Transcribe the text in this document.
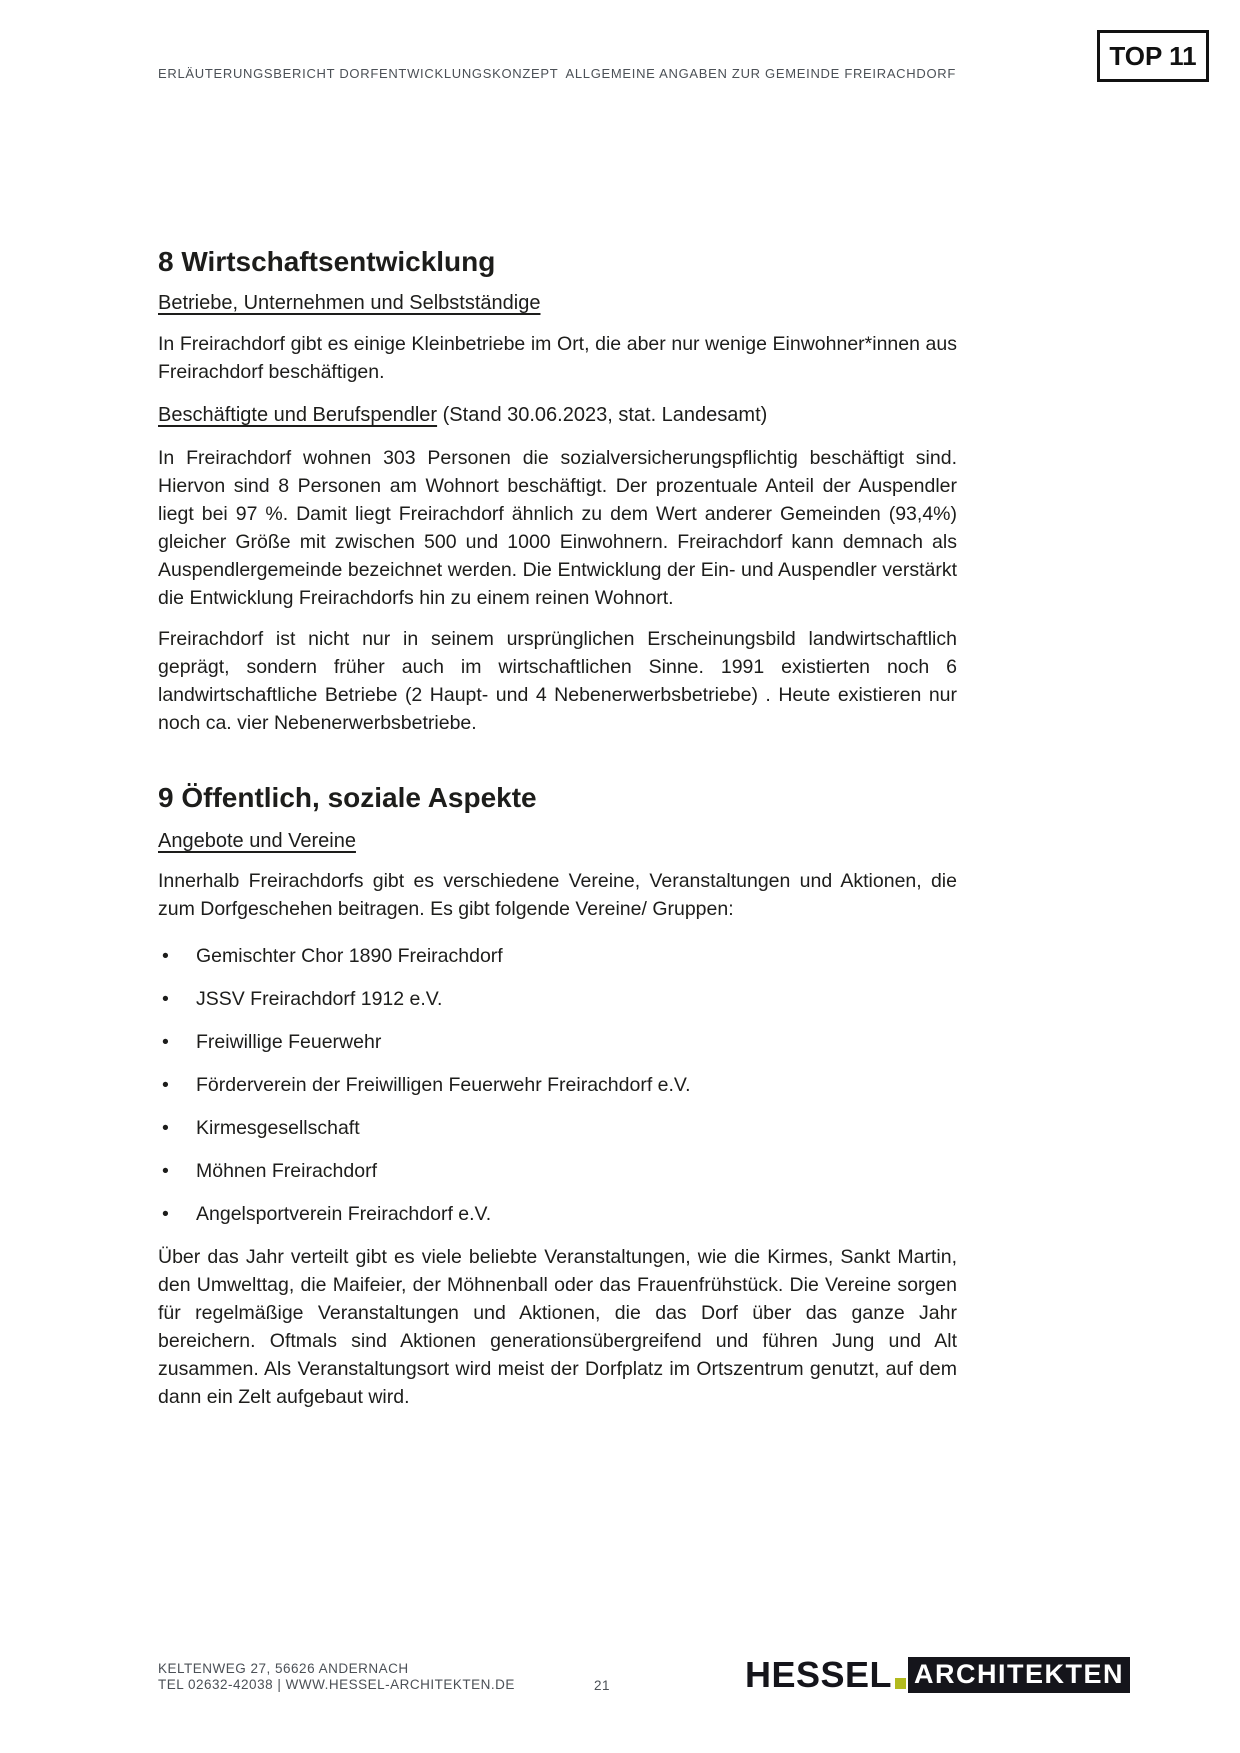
ERLÄUTERUNGSBERICHT DORFENTWICKLUNGSKONZEPT ALLGEMEINE ANGABEN ZUR GEMEINDE FREIRACHDORF
TOP 11
8 Wirtschaftsentwicklung
Betriebe, Unternehmen und Selbstständige

In Freirachdorf gibt es einige Kleinbetriebe im Ort, die aber nur wenige Einwohner*innen aus Freirachdorf beschäftigen.

Beschäftigte und Berufspendler (Stand 30.06.2023, stat. Landesamt)

In Freirachdorf wohnen 303 Personen die sozialversicherungspflichtig beschäftigt sind. Hiervon sind 8 Personen am Wohnort beschäftigt. Der prozentuale Anteil der Auspendler liegt bei 97 %. Damit liegt Freirachdorf ähnlich zu dem Wert anderer Gemeinden (93,4%) gleicher Größe mit zwischen 500 und 1000 Einwohnern. Freirachdorf kann demnach als Auspendlergemeinde bezeichnet werden. Die Entwicklung der Ein- und Auspendler verstärkt die Entwicklung Freirachdorfs hin zu einem reinen Wohnort.

Freirachdorf ist nicht nur in seinem ursprünglichen Erscheinungsbild landwirtschaftlich geprägt, sondern früher auch im wirtschaftlichen Sinne. 1991 existierten noch 6 landwirtschaftliche Betriebe (2 Haupt- und 4 Nebenerwerbsbetriebe) . Heute existieren nur noch ca. vier Nebenerwerbsbetriebe.

9 Öffentlich, soziale Aspekte
Angebote und Vereine

Innerhalb Freirachdorfs gibt es verschiedene Vereine, Veranstaltungen und Aktionen, die zum Dorfgeschehen beitragen. Es gibt folgende Vereine/ Gruppen:

• Gemischter Chor 1890 Freirachdorf
• JSSV Freirachdorf 1912 e.V.
• Freiwillige Feuerwehr
• Förderverein der Freiwilligen Feuerwehr Freirachdorf e.V.
• Kirmesgesellschaft
• Möhnen Freirachdorf
• Angelsportverein Freirachdorf e.V.

Über das Jahr verteilt gibt es viele beliebte Veranstaltungen, wie die Kirmes, Sankt Martin, den Umwelttag, die Maifeier, der Möhnenball oder das Frauenfrühstück. Die Vereine sorgen für regelmäßige Veranstaltungen und Aktionen, die das Dorf über das ganze Jahr bereichern. Oftmals sind Aktionen generationsübergreifend und führen Jung und Alt zusammen. Als Veranstaltungsort wird meist der Dorfplatz im Ortszentrum genutzt, auf dem dann ein Zelt aufgebaut wird.

KELTENWEG 27, 56626 ANDERNACH
TEL 02632-42038 | WWW.HESSEL-ARCHITEKTEN.DE	21	HESSEL ARCHITEKTEN
